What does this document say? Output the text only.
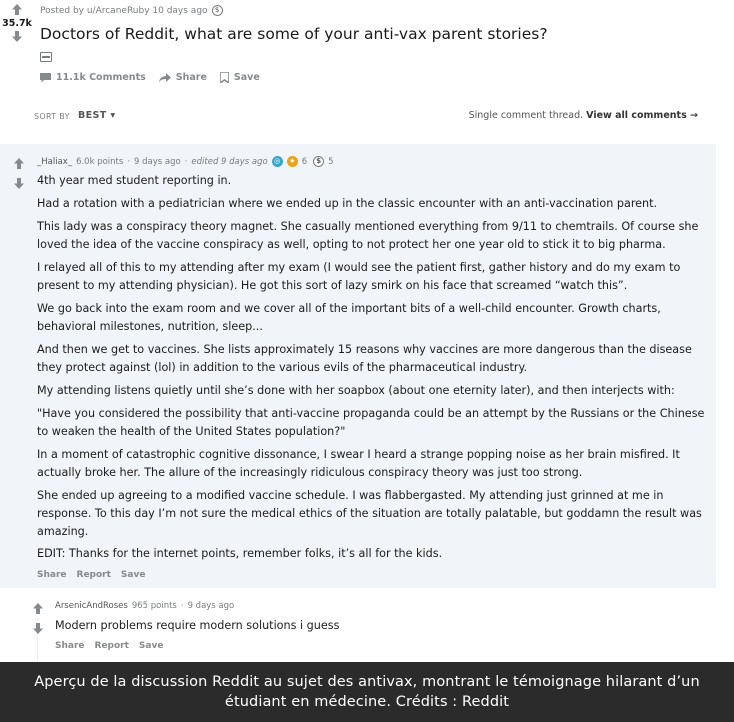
35.7k
Posted by u/ArcaneRuby 10 days ago	$
Doctors of Reddit, what are some of your anti-vax parent stories?
11.1k Comments	Share	Save
SORT BY BEST ▾	Single comment thread. View all comments →
_Haliax_ 6.0k points · 9 days ago · edited 9 days ago ◎	★ 6	$ 5
4th year med student reporting in.
Had a rotation with a pediatrician where we ended up in the classic encounter with an anti-vaccination parent.
This lady was a conspiracy theory magnet. She casually mentioned everything from 9/11 to chemtrails. Of course she loved the idea of the vaccine conspiracy as well, opting to not protect her one year old to stick it to big pharma.
I relayed all of this to my attending after my exam (I would see the patient first, gather history and do my exam to present to my attending physician). He got this sort of lazy smirk on his face that screamed “watch this”.
We go back into the exam room and we cover all of the important bits of a well-child encounter. Growth charts, behavioral milestones, nutrition, sleep...
And then we get to vaccines. She lists approximately 15 reasons why vaccines are more dangerous than the disease they protect against (lol) in addition to the various evils of the pharmaceutical industry.
My attending listens quietly until she’s done with her soapbox (about one eternity later), and then interjects with:
"Have you considered the possibility that anti-vaccine propaganda could be an attempt by the Russians or the Chinese to weaken the health of the United States population?"
In a moment of catastrophic cognitive dissonance, I swear I heard a strange popping noise as her brain misfired. It actually broke her. The allure of the increasingly ridiculous conspiracy theory was just too strong.
She ended up agreeing to a modified vaccine schedule. I was flabbergasted. My attending just grinned at me in response. To this day I’m not sure the medical ethics of the situation are totally palatable, but goddamn the result was amazing.
EDIT: Thanks for the internet points, remember folks, it’s all for the kids.
Share Report Save
ArsenicAndRoses 965 points · 9 days ago
Modern problems require modern solutions i guess
Share Report Save
Aperçu de la discussion Reddit au sujet des antivax, montrant le témoignage hilarant d’un
étudiant en médecine. Crédits : Reddit
